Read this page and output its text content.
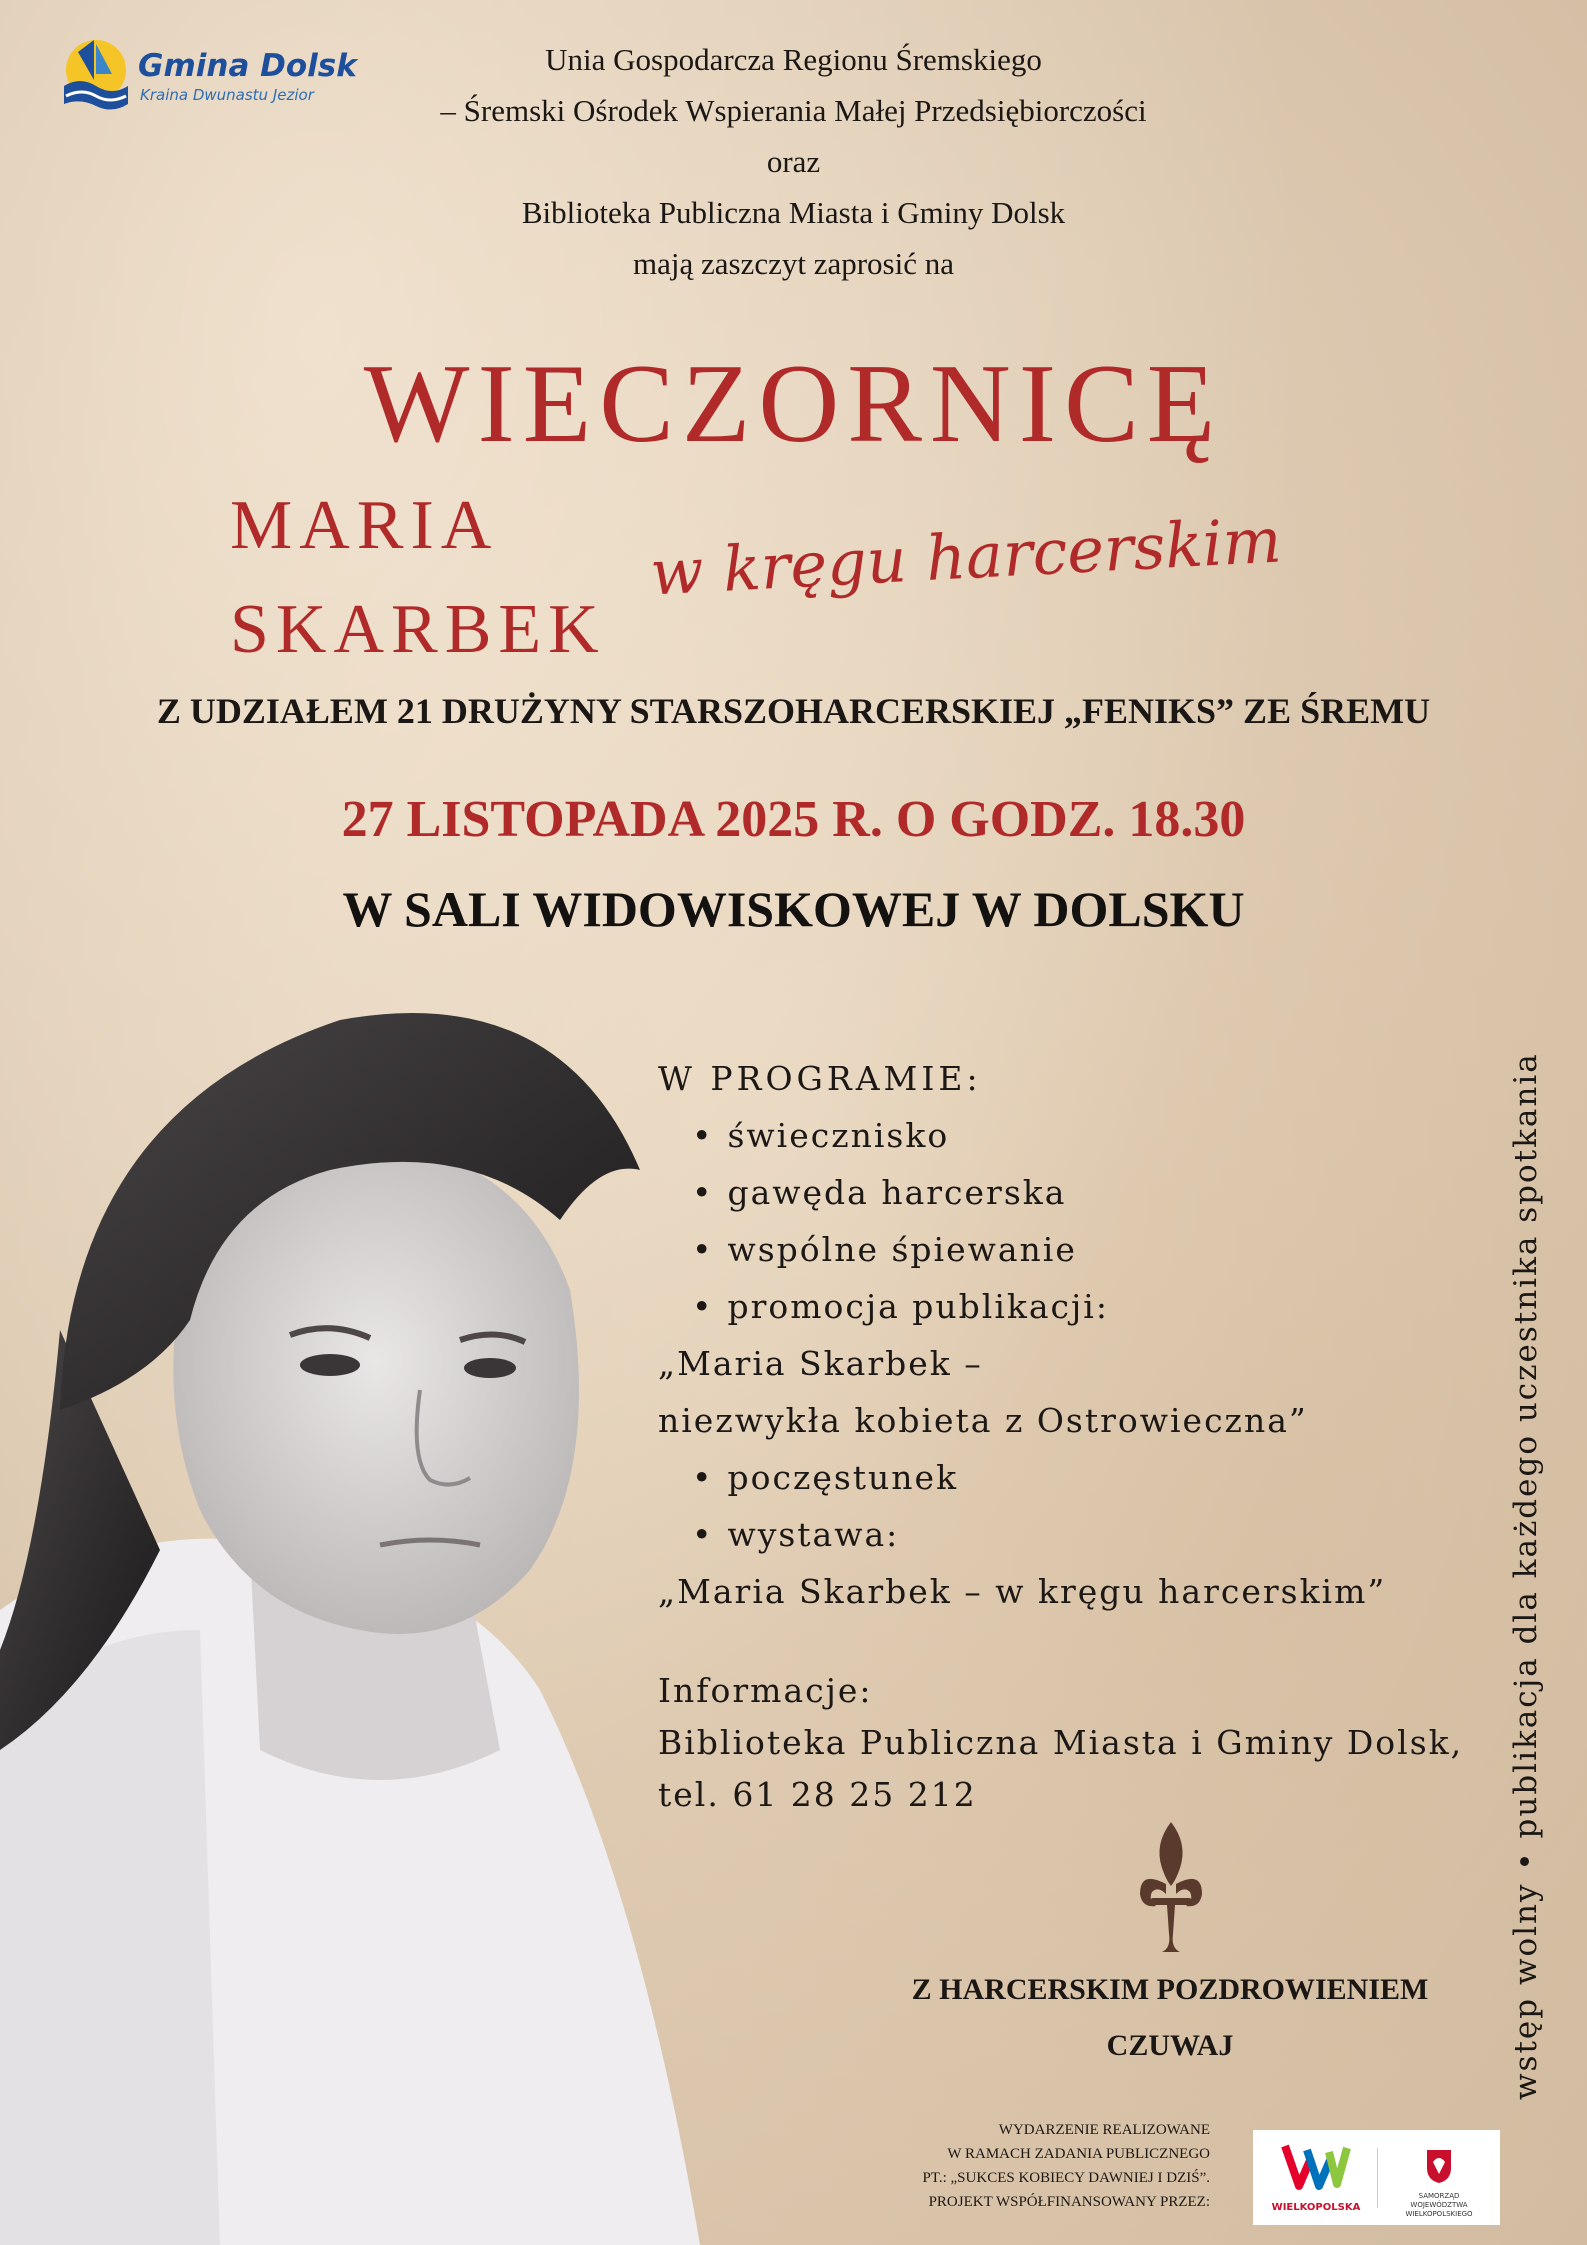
Gmina Dolsk
Kraina Dwunastu Jezior
Unia Gospodarcza Regionu Śremskiego
– Śremski Ośrodek Wspierania Małej Przedsiębiorczości
oraz
Biblioteka Publiczna Miasta i Gminy Dolsk
mają zaszczyt zaprosić na
WIECZORNICĘ
MARIA
SKARBEK
w kręgu harcerskim
Z UDZIAŁEM 21 DRUŻYNY STARSZOHARCERSKIEJ „FENIKS” ZE ŚREMU
27 LISTOPADA 2025 R. O GODZ. 18.30
W SALI WIDOWISKOWEJ W DOLSKU
W PROGRAMIE:
• świecznisko
• gawęda harcerska
• wspólne śpiewanie
• promocja publikacji:
„Maria Skarbek –
niezwykła kobieta z Ostrowieczna”
• poczęstunek
• wystawa:
„Maria Skarbek – w kręgu harcerskim”
Informacje:
Biblioteka Publiczna Miasta i Gminy Dolsk,
tel. 61 28 25 212
Z HARCERSKIM POZDROWIENIEM
CZUWAJ	wstęp wolny • publikacja dla każdego uczestnika spotkania
WYDARZENIE REALIZOWANE
W RAMACH ZADANIA PUBLICZNEGO
PT.: „SUKCES KOBIECY DAWNIEJ I DZIŚ”.
PROJEKT WSPÓŁFINANSOWANY PRZEZ:	WIELKOPOLSKA
SAMORZĄD
WOJEWÓDZTWA
WIELKOPOLSKIEGO
